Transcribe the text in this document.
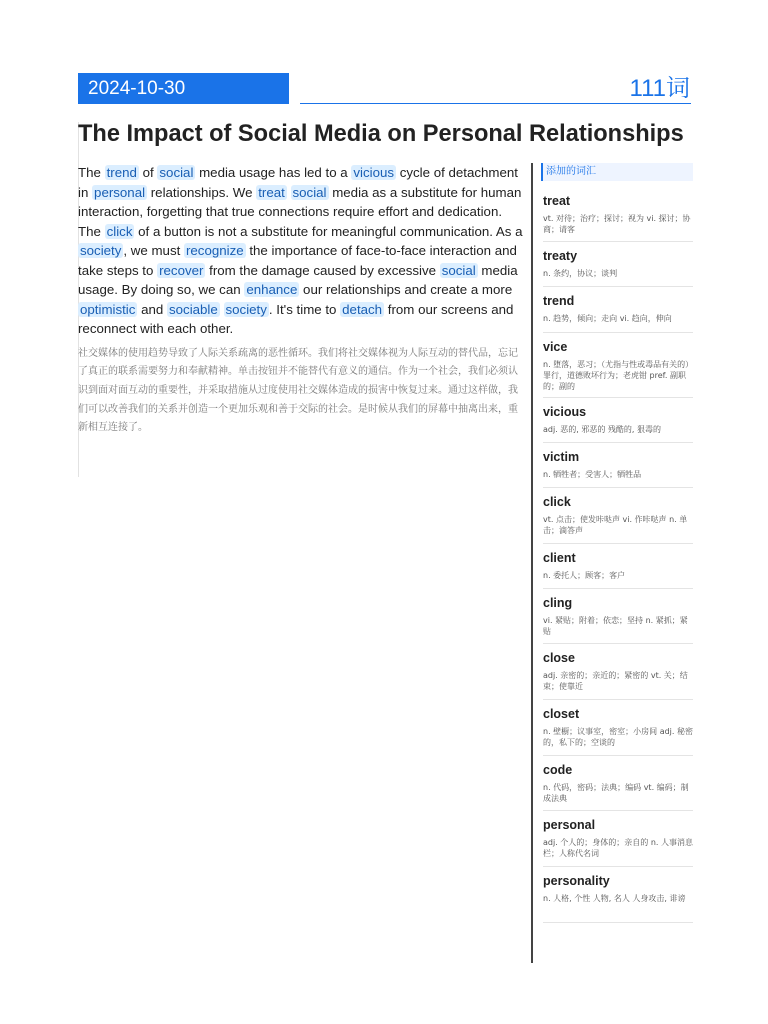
2024-10-30	111词
The Impact of Social Media on Personal Relationships

The trend of social media usage has led to a vicious cycle of detachment in personal relationships. We treat social media as a substitute for human interaction, forgetting that true connections require effort and dedication. The click of a button is not a substitute for meaningful communication. As a society , we must recognize the importance of face-to-face interaction and take steps to recover from the damage caused by excessive social media usage. By doing so, we can enhance our relationships and create a more optimistic and sociable society . It's time to detach from our screens and reconnect with each other.

社交媒体的使用趋势导致了人际关系疏离的恶性循环。我们将社交媒体视为人际互动的替代品，忘记了真正的联系需要努力和奉献精神。单击按钮并不能替代有意义的通信。作为一个社会，我们必须认识到面对面互动的重要性，并采取措施从过度使用社交媒体造成的损害中恢复过来。通过这样做，我们可以改善我们的关系并创造一个更加乐观和善于交际的社会。是时候从我们的屏幕中抽离出来，重新相互连接了。

添加的词汇
treat
vt. 对待；治疗；探讨；视为 vi. 探讨；协商；请客
treaty
n. 条约，协议；谈判
trend
n. 趋势，倾向；走向 vi. 趋向，伸向
vice
n. 堕落，恶习；（尤指与性或毒品有关的）罪行，道德败坏行为；老虎钳 pref. 副职的；副的
vicious
adj. 恶的, 邪恶的 残酷的, 狠毒的
victim
n. 牺牲者；受害人；牺牲品
click
vt. 点击；使发咔哒声 vi. 作咔哒声 n. 单击；滴答声
client
n. 委托人；顾客；客户
cling
vi. 紧贴；附着；依恋；坚持 n. 紧抓；紧贴
close
adj. 亲密的；亲近的；紧密的 vt. 关；结束；使靠近
closet
n. 壁橱；议事室，密室；小房间 adj. 秘密的，私下的；空谈的
code
n. 代码，密码；法典；编码 vt. 编码；制成法典
personal
adj. 个人的；身体的；亲自的 n. 人事消息栏；人称代名词
personality
n. 人格, 个性 人物, 名人 人身攻击, 诽谤
